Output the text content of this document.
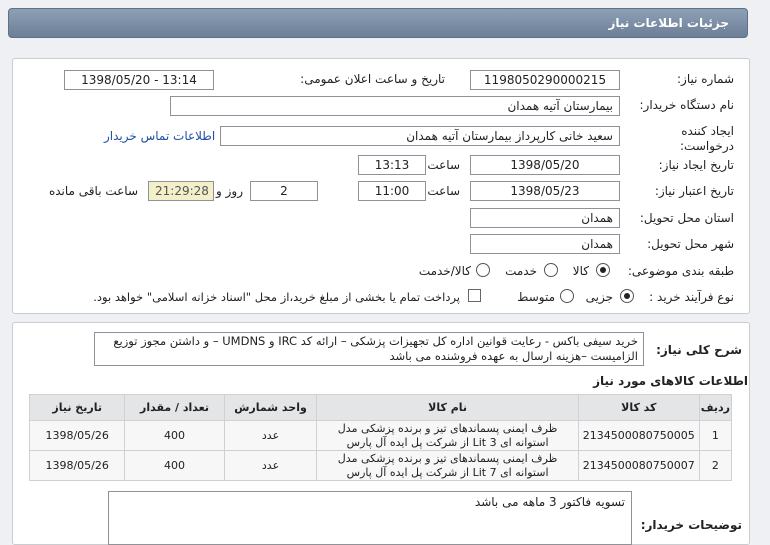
جزئیات اطلاعات نیاز
شماره نیاز:
1198050290000215
تاریخ و ساعت اعلان عمومی:
1398/05/20 - 13:14
نام دستگاه خریدار:
بیمارستان آتیه همدان
ایجاد کننده درخواست:
سعید خانی کارپرداز بیمارستان آتیه همدان
اطلاعات تماس خریدار
تاریخ ایجاد نیاز:
1398/05/20
ساعت
13:13
تاریخ اعتبار نیاز:
1398/05/23
ساعت
11:00
2
روز و
21:29:28
ساعت باقی مانده
استان محل تحویل:
همدان
شهر محل تحویل:
همدان
طبقه بندی موضوعی:
کالا
خدمت
کالا/خدمت
نوع فرآیند خرید :
جزیی
متوسط
پرداخت تمام یا بخشی از مبلغ خرید،از محل "اسناد خزانه اسلامی" خواهد بود.
شرح کلی نیاز:
خرید سیفی باکس - رعایت قوانین اداره کل تجهیزات پزشکی – ارائه کد IRC و UMDNS – و داشتن مجوز توزیع الزامیست –هزینه ارسال به عهده فروشنده می باشد
اطلاعات کالاهای مورد نیاز
ردیف	کد کالا	نام کالا	واحد شمارش	تعداد / مقدار	تاریخ نیاز
1	2134500080750005	ظرف ایمنی پسماندهای تیز و برنده پزشکی مدل استوانه ای Lit 3 از شرکت پل ایده آل پارس	عدد	400	1398/05/26
2	2134500080750007	ظرف ایمنی پسماندهای تیز و برنده پزشکی مدل استوانه ای Lit 7 از شرکت پل ایده آل پارس	عدد	400	1398/05/26
توضیحات خریدار:
تسویه فاکتور 3 ماهه می باشد
